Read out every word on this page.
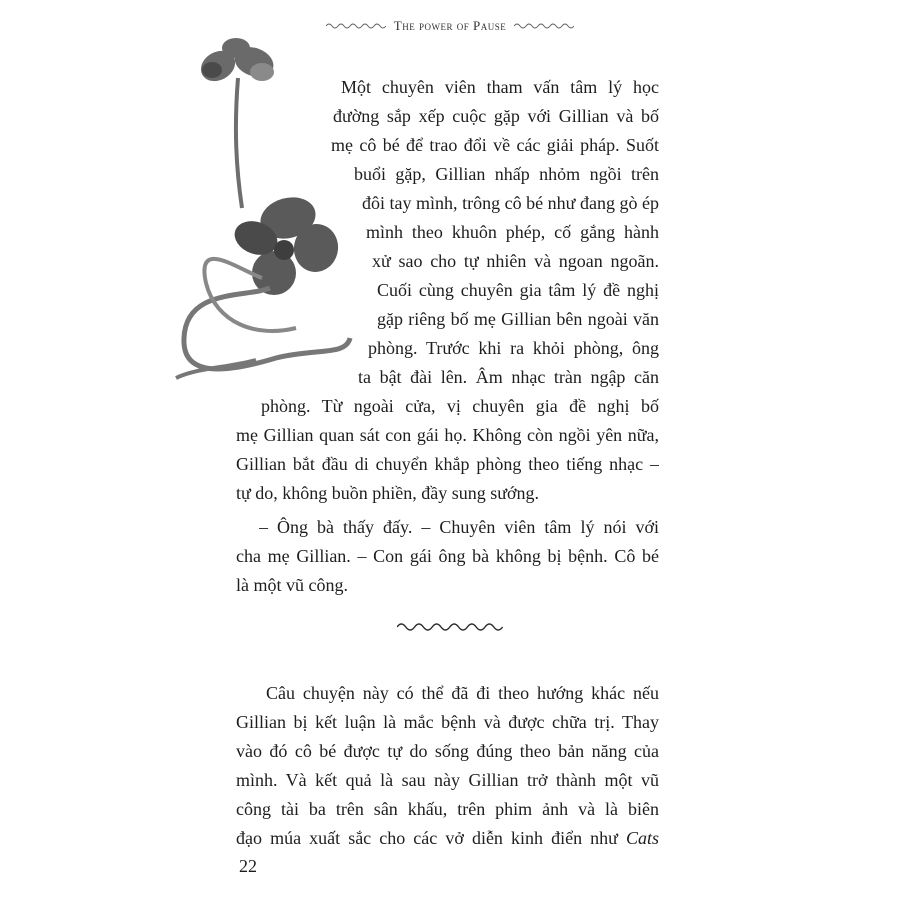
The power of Pause
Một chuyên viên tham vấn tâm lý học
đường sắp xếp cuộc gặp với Gillian và bố
mẹ cô bé để trao đổi về các giải pháp. Suốt
buổi gặp, Gillian nhấp nhỏm ngồi trên
đôi tay mình, trông cô bé như đang gò ép
mình theo khuôn phép, cố gắng hành
xử sao cho tự nhiên và ngoan ngoãn.
Cuối cùng chuyên gia tâm lý đề nghị
gặp riêng bố mẹ Gillian bên ngoài văn
phòng. Trước khi ra khỏi phòng, ông
ta bật đài lên. Âm nhạc tràn ngập căn
phòng. Từ ngoài cửa, vị chuyên gia đề nghị bố
mẹ Gillian quan sát con gái họ. Không còn ngồi yên nữa,
Gillian bắt đầu di chuyển khắp phòng theo tiếng nhạc –
tự do, không buồn phiền, đầy sung sướng.
– Ông bà thấy đấy. – Chuyên viên tâm lý nói với
cha mẹ Gillian. – Con gái ông bà không bị bệnh. Cô bé
là một vũ công.
Câu chuyện này có thể đã đi theo hướng khác nếu
Gillian bị kết luận là mắc bệnh và được chữa trị. Thay
vào đó cô bé được tự do sống đúng theo bản năng của
mình. Và kết quả là sau này Gillian trở thành một vũ
công tài ba trên sân khấu, trên phim ảnh và là biên
đạo múa xuất sắc cho các vở diễn kinh điển như Cats
22
